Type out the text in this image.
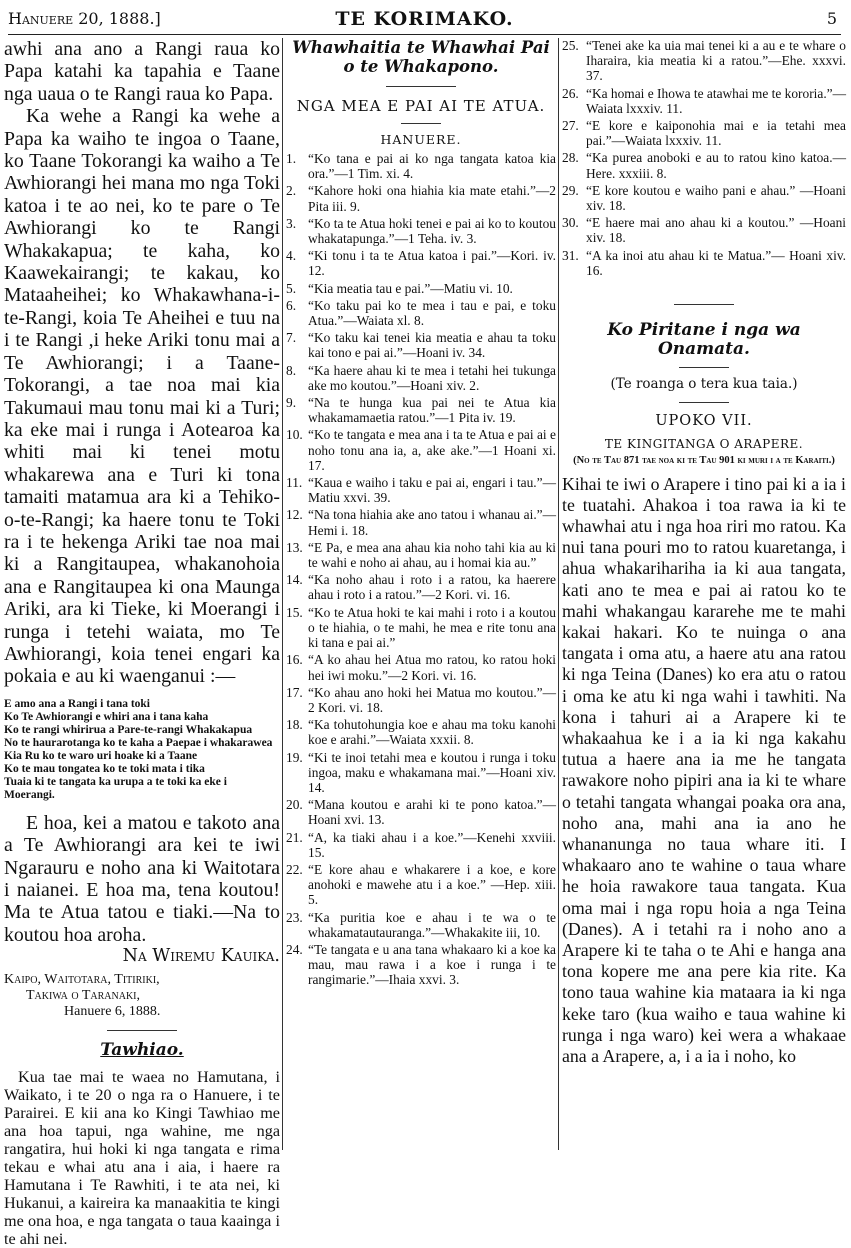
Hanuere 20, 1888.]	TE KORIMAKO.	5

awhi ana ano a Rangi raua ko Papa katahi ka tapahia e Taane nga uaua o te Rangi raua ko Papa.

Ka wehe a Rangi ka wehe a Papa ka waiho te ingoa o Taane, ko Taane Tokorangi ka waiho a Te Awhiorangi hei mana mo nga Toki katoa i te ao nei, ko te pare o Te Awhiorangi ko te Rangi Whakakapua; te kaha, ko Kaawekairangi; te kakau, ko Mataaheihei; ko Whakawhana-i-te-Rangi, koia Te Aheihei e tuu na i te Rangi ,i heke Ariki tonu mai a Te Awhiorangi; i a Taane-Tokorangi, a tae noa mai kia Takumaui mau tonu mai ki a Turi; ka eke mai i runga i Aotearoa ka whiti mai ki tenei motu whakarewa ana e Turi ki tona tamaiti matamua ara ki a Tehiko-o-te-Rangi; ka haere tonu te Toki ra i te hekenga Ariki tae noa mai ki a Rangitaupea, whakanohoia ana e Rangitaupea ki ona Maunga Ariki, ara ki Tieke, ki Moerangi i runga i tetehi waiata, mo Te Awhiorangi, koia tenei engari ka pokaia e au ki waenganui :—

E amo ana a Rangi i tana toki
Ko Te Awhiorangi e whiri ana i tana kaha
Ko te rangi whirirua a Pare-te-rangi Whakakapua
No te haurarotanga ko te kaha a Paepae i whakarawea
Kia Ru ko te waro uri hoake ki a Taane
Ko te mau tongatea ko te toki mata i tika
Tuaia ki te tangata ka urupa a te toki ka eke i Moerangi.

E hoa, kei a matou e takoto ana a Te Awhiorangi ara kei te iwi Ngarauru e noho ana ki Waitotara i naianei. E hoa ma, tena koutou! Ma te Atua tatou e tiaki.—Na to koutou hoa aroha.

Na Wiremu Kauika.
Kaipo, Waitotara, Titiriki,
Takiwa o Taranaki,
Hanuere 6, 1888.
Tawhiao.

Kua tae mai te waea no Hamutana, i Waikato, i te 20 o nga ra o Hanuere, i te Parairei. E kii ana ko Kingi Tawhiao me ana hoa tapui, nga wahine, me nga rangatira, hui hoki ki nga tangata e rima tekau e whai atu ana i aia, i haere ra Hamutana i Te Rawhiti, i te ata nei, ki Hukanui, a kaireira ka manaakitia te kingi me ona hoa, e nga tangata o taua kaainga i te ahi nei.

Whawhaitia te Whawhai Pai o te Whakapono.
NGA MEA E PAI AI TE ATUA.
HANUERE.
1. “Ko tana e pai ai ko nga tangata katoa kia ora.”—1 Tim. xi. 4.
2. “Kahore hoki ona hiahia kia mate etahi.”—2 Pita iii. 9.
3. “Ko ta te Atua hoki tenei e pai ai ko to koutou whakatapunga.”—1 Teha. iv. 3.
4. “Ki tonu i ta te Atua katoa i pai.”—Kori. iv. 12.
5. “Kia meatia tau e pai.”—Matiu vi. 10.
6. “Ko taku pai ko te mea i tau e pai, e toku Atua.”—Waiata xl. 8.
7. “Ko taku kai tenei kia meatia e ahau ta toku kai tono e pai ai.”—Hoani iv. 34.
8. “Ka haere ahau ki te mea i tetahi hei tukunga ake mo koutou.”—Hoani xiv. 2.
9. “Na te hunga kua pai nei te Atua kia whakamamaetia ratou.”—1 Pita iv. 19.
10. “Ko te tangata e mea ana i ta te Atua e pai ai e noho tonu ana ia, a, ake ake.”—1 Hoani xi. 17.
11. “Kaua e waiho i taku e pai ai, engari i tau.”—Matiu xxvi. 39.
12. “Na tona hiahia ake ano tatou i whanau ai.”—Hemi i. 18.
13. “E Pa, e mea ana ahau kia noho tahi kia au ki te wahi e noho ai ahau, au i homai kia au.”
14. “Ka noho ahau i roto i a ratou, ka haerere ahau i roto i a ratou.”—2 Kori. vi. 16.
15. “Ko te Atua hoki te kai mahi i roto i a koutou o te hiahia, o te mahi, he mea e rite tonu ana ki tana e pai ai.”
16. “A ko ahau hei Atua mo ratou, ko ratou hoki hei iwi moku.”—2 Kori. vi. 16.
17. “Ko ahau ano hoki hei Matua mo koutou.”—2 Kori. vi. 18.
18. “Ka tohutohungia koe e ahau ma toku kanohi koe e arahi.”—Waiata xxxii. 8.
19. “Ki te inoi tetahi mea e koutou i runga i toku ingoa, maku e whakamana mai.”—Hoani xiv. 14.
20. “Mana koutou e arahi ki te pono katoa.”—Hoani xvi. 13.
21. “A, ka tiaki ahau i a koe.”—Kenehi xxviii. 15.
22. “E kore ahau e whakarere i a koe, e kore anohoki e mawehe atu i a koe.” —Hep. xiii. 5.
23. “Ka puritia koe e ahau i te wa o te whakamatautauranga.”—Whakakite iii, 10.
24. “Te tangata e u ana tana whakaaro ki a koe ka mau, mau rawa i a koe i runga i te rangimarie.”—Ihaia xxvi. 3.
25. “Tenei ake ka uia mai tenei ki a au e te whare o Iharaira, kia meatia ki a ratou.”—Ehe. xxxvi. 37.
26. “Ka homai e Ihowa te atawhai me te kororia.”—Waiata lxxxiv. 11.
27. “E kore e kaiponohia mai e ia tetahi mea pai.”—Waiata lxxxiv. 11.
28. “Ka purea anoboki e au to ratou kino katoa.—Here. xxxiii. 8.
29. “E kore koutou e waiho pani e ahau.” —Hoani xiv. 18.
30. “E haere mai ano ahau ki a koutou.” —Hoani xiv. 18.
31. “A ka inoi atu ahau ki te Matua.”— Hoani xiv. 16.
Ko Piritane i nga wa Onamata.
(Te roanga o tera kua taia.)
UPOKO VII.
TE KINGITANGA O ARAPERE.
(No te Tau 871 tae noa ki te Tau 901 ki muri i a te Karaiti.)

Kihai te iwi o Arapere i tino pai ki a ia i te tuatahi. Ahakoa i toa rawa ia ki te whawhai atu i nga hoa riri mo ratou. Ka nui tana pouri mo to ratou kuaretanga, i ahua whakarihariha ia ki aua tangata, kati ano te mea e pai ai ratou ko te mahi whakangau kararehe me te mahi kakai hakari. Ko te nuinga o ana tangata i oma atu, a haere atu ana ratou ki nga Teina (Danes) ko era atu o ratou i oma ke atu ki nga wahi i tawhiti. Na kona i tahuri ai a Arapere ki te whakaahua ke i a ia ki nga kakahu tutua a haere ana ia me he tangata rawakore noho pipiri ana ia ki te whare o tetahi tangata whangai poaka ora ana, noho ana, mahi ana ia ano he whananunga no taua whare iti. I whakaaro ano te wahine o taua whare he hoia rawakore taua tangata. Kua oma mai i nga ropu hoia a nga Teina (Danes). A i tetahi ra i noho ano a Arapere ki te taha o te Ahi e hanga ana tona kopere me ana pere kia rite. Ka tono taua wahine kia mataara ia ki nga keke taro (kua waiho e taua wahine ki runga i nga waro) kei wera a whakaae ana a Arapere, a, i a ia i noho, ko
